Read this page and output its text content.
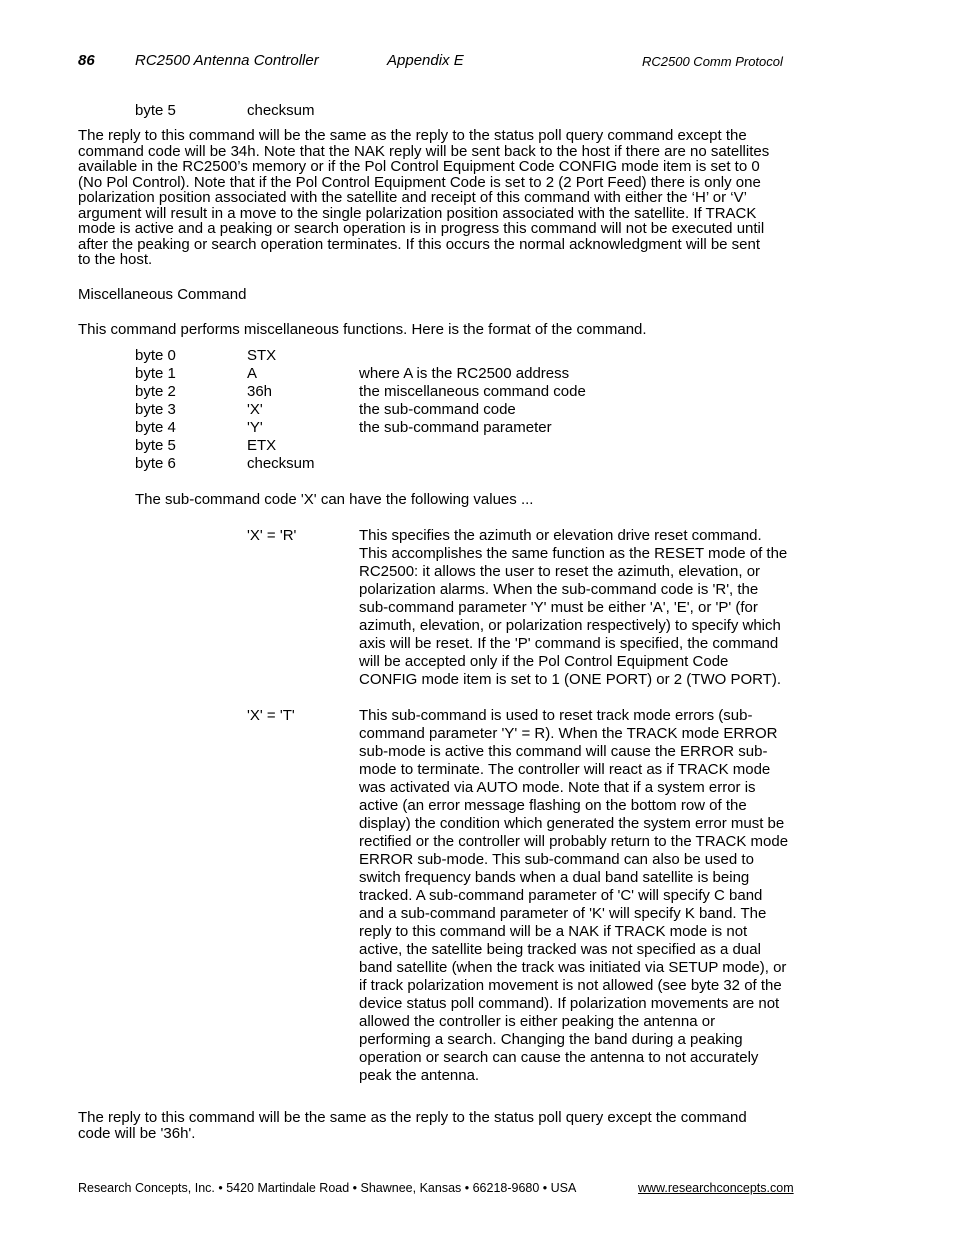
86	RC2500 Antenna Controller	Appendix E	RC2500 Comm Protocol
byte 5	checksum
The reply to this command will be the same as the reply to the status poll query command except the
command code will be 34h. Note that the NAK reply will be sent back to the host if there are no satellites
available in the RC2500’s memory or if the Pol Control Equipment Code CONFIG mode item is set to 0
(No Pol Control). Note that if the Pol Control Equipment Code is set to 2 (2 Port Feed) there is only one
polarization position associated with the satellite and receipt of this command with either the ‘H’ or ‘V’
argument will result in a move to the single polarization position associated with the satellite. If TRACK
mode is active and a peaking or search operation is in progress this command will not be executed until
after the peaking or search operation terminates. If this occurs the normal acknowledgment will be sent
to the host.
Miscellaneous Command
This command performs miscellaneous functions. Here is the format of the command.
byte 0	STX
byte 1	A	where A is the RC2500 address
byte 2	36h	the miscellaneous command code
byte 3	'X'	the sub-command code
byte 4	'Y'	the sub-command parameter
byte 5	ETX
byte 6	checksum
The sub-command code 'X' can have the following values ...
'X' = 'R'	This specifies the azimuth or elevation drive reset command.
This accomplishes the same function as the RESET mode of the
RC2500: it allows the user to reset the azimuth, elevation, or
polarization alarms. When the sub-command code is 'R', the
sub-command parameter 'Y' must be either 'A', 'E', or 'P' (for
azimuth, elevation, or polarization respectively) to specify which
axis will be reset. If the 'P' command is specified, the command
will be accepted only if the Pol Control Equipment Code
CONFIG mode item is set to 1 (ONE PORT) or 2 (TWO PORT).
'X' = 'T'	This sub-command is used to reset track mode errors (sub-
command parameter 'Y' = R). When the TRACK mode ERROR
sub-mode is active this command will cause the ERROR sub-
mode to terminate. The controller will react as if TRACK mode
was activated via AUTO mode. Note that if a system error is
active (an error message flashing on the bottom row of the
display) the condition which generated the system error must be
rectified or the controller will probably return to the TRACK mode
ERROR sub-mode. This sub-command can also be used to
switch frequency bands when a dual band satellite is being
tracked. A sub-command parameter of 'C' will specify C band
and a sub-command parameter of 'K' will specify K band. The
reply to this command will be a NAK if TRACK mode is not
active, the satellite being tracked was not specified as a dual
band satellite (when the track was initiated via SETUP mode), or
if track polarization movement is not allowed (see byte 32 of the
device status poll command). If polarization movements are not
allowed the controller is either peaking the antenna or
performing a search. Changing the band during a peaking
operation or search can cause the antenna to not accurately
peak the antenna.
The reply to this command will be the same as the reply to the status poll query except the command
code will be '36h'.
Research Concepts, Inc. • 5420 Martindale Road • Shawnee, Kansas • 66218-9680 • USA	www.researchconcepts.com
